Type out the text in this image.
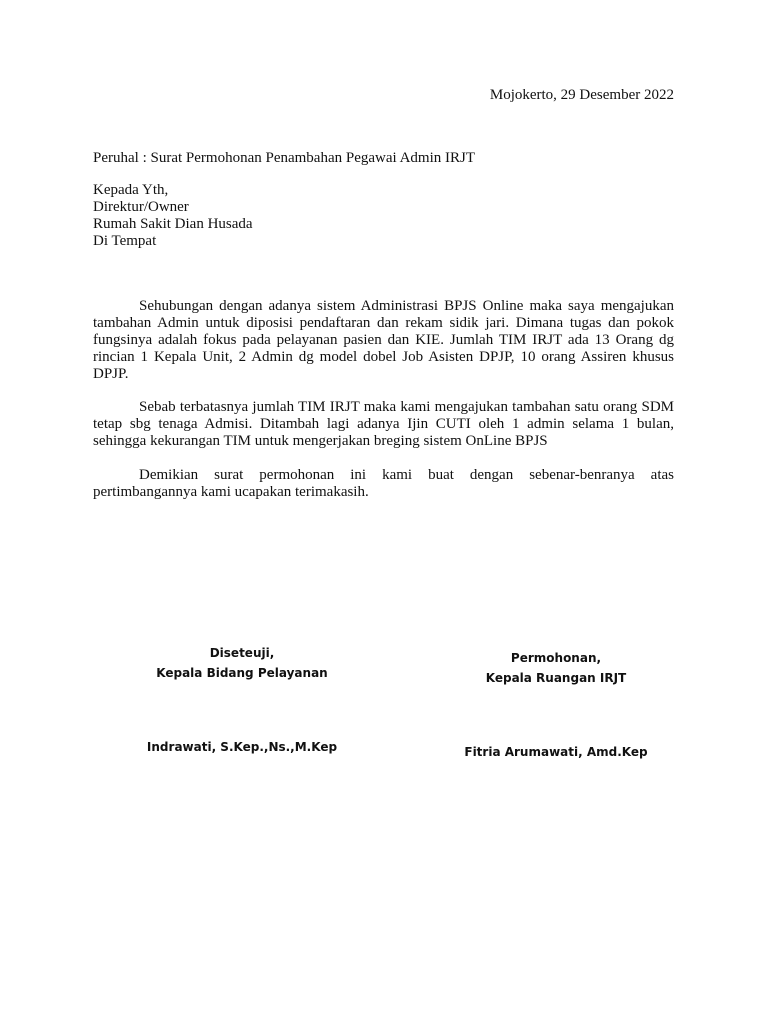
Mojokerto, 29 Desember 2022
Peruhal : Surat Permohonan Penambahan Pegawai Admin IRJT
Kepada Yth,
Direktur/Owner
Rumah Sakit Dian Husada
Di Tempat

Sehubungan dengan adanya sistem Administrasi BPJS Online maka saya mengajukan tambahan Admin untuk diposisi pendaftaran dan rekam sidik jari. Dimana tugas dan pokok fungsinya adalah fokus pada pelayanan pasien dan KIE. Jumlah TIM IRJT ada 13 Orang dg rincian 1 Kepala Unit, 2 Admin dg model dobel Job Asisten DPJP, 10 orang Assiren khusus DPJP.

Sebab terbatasnya jumlah TIM IRJT maka kami mengajukan tambahan satu orang SDM tetap sbg tenaga Admisi. Ditambah lagi adanya Ijin CUTI oleh 1 admin selama 1 bulan, sehingga kekurangan TIM untuk mengerjakan breging sistem OnLine BPJS

Demikian surat permohonan ini kami buat dengan sebenar-benranya atas pertimbangannya kami ucapakan terimakasih.

Diseteuji,
Kepala Bidang Pelayanan
Permohonan,
Kepala Ruangan IRJT
Indrawati, S.Kep.,Ns.,M.Kep	Fitria Arumawati, Amd.Kep
